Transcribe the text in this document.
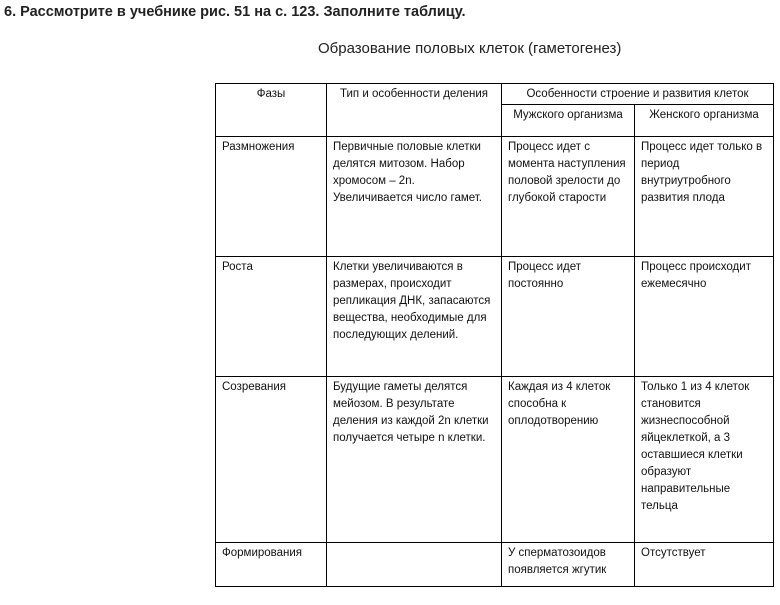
6. Рассмотрите в учебнике рис. 51 на с. 123. Заполните таблицу.
Образование половых клеток (гаметогенез)
Фазы	Тип и особенности деления	Особенности строение и развития клеток	
		Мужского организма	Женского организма
Размножения	Первичные половые клетки делятся митозом. Набор хромосом – 2n. Увеличивается число гамет.	Процесс идет с момента наступления половой зрелости до глубокой старости	Процесс идет только в период внутриутробного развития плода
Роста	Клетки увеличиваются в размерах, происходит репликация ДНК, запасаются вещества, необходимые для последующих делений.	Процесс идет постоянно	Процесс происходит ежемесячно
Созревания	Будущие гаметы делятся мейозом. В результате деления из каждой 2n клетки получается четыре n клетки.	Каждая из 4 клеток способна к оплодотворению	Только 1 из 4 клеток становится жизнеспособной яйцеклеткой, а 3 оставшиеся клетки образуют направительные тельца
Формирования		У сперматозоидов появляется жгутик	Отсутствует
